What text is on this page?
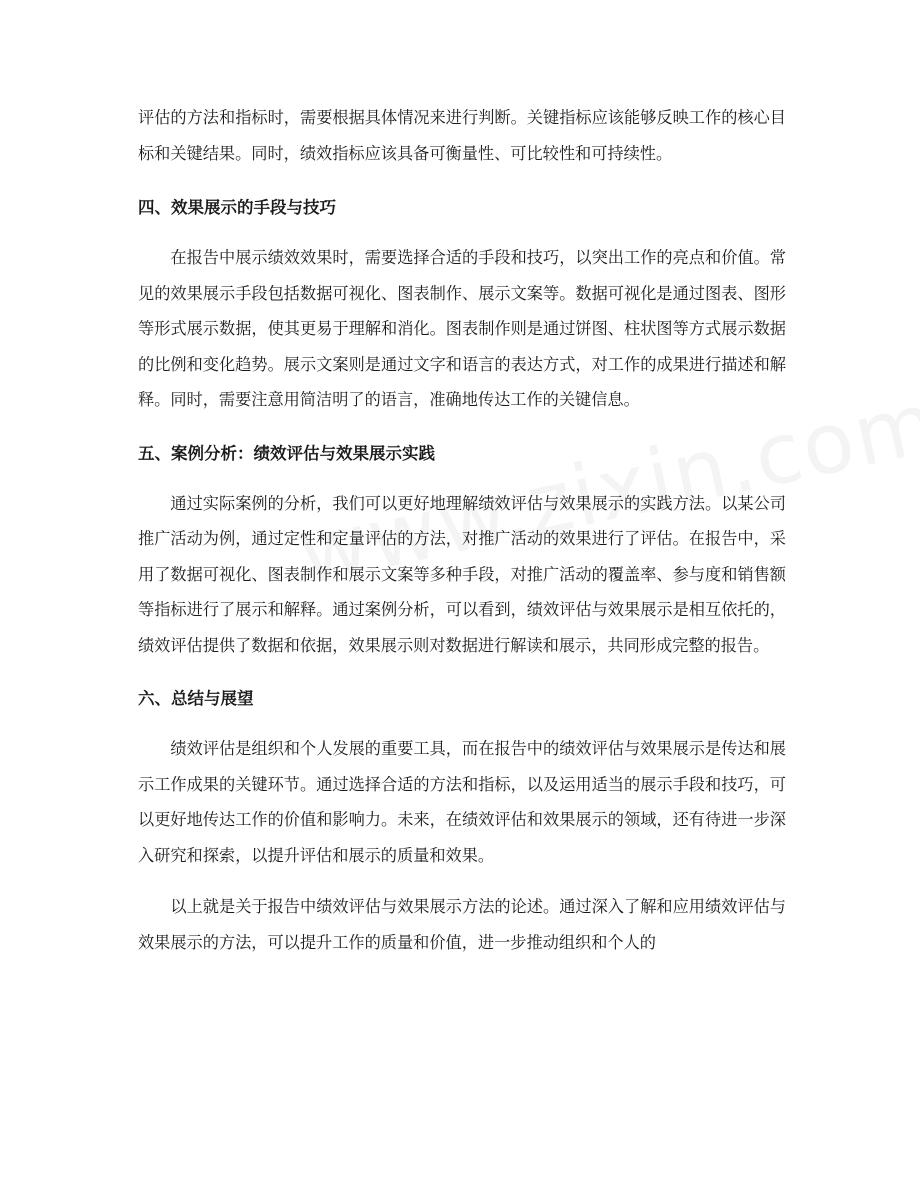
评估的方法和指标时，需要根据具体情况来进行判断。关键指标应该能够反映工作的核心目标和关键结果。同时，绩效指标应该具备可衡量性、可比较性和可持续性。

四、效果展示的手段与技巧

在报告中展示绩效效果时，需要选择合适的手段和技巧，以突出工作的亮点和价值。常见的效果展示手段包括数据可视化、图表制作、展示文案等。数据可视化是通过图表、图形等形式展示数据，使其更易于理解和消化。图表制作则是通过饼图、柱状图等方式展示数据的比例和变化趋势。展示文案则是通过文字和语言的表达方式，对工作的成果进行描述和解释。同时，需要注意用简洁明了的语言，准确地传达工作的关键信息。

五、案例分析：绩效评估与效果展示实践

通过实际案例的分析，我们可以更好地理解绩效评估与效果展示的实践方法。以某公司推广活动为例，通过定性和定量评估的方法，对推广活动的效果进行了评估。在报告中，采用了数据可视化、图表制作和展示文案等多种手段，对推广活动的覆盖率、参与度和销售额等指标进行了展示和解释。通过案例分析，可以看到，绩效评估与效果展示是相互依托的，绩效评估提供了数据和依据，效果展示则对数据进行解读和展示，共同形成完整的报告。

六、总结与展望

绩效评估是组织和个人发展的重要工具，而在报告中的绩效评估与效果展示是传达和展示工作成果的关键环节。通过选择合适的方法和指标，以及运用适当的展示手段和技巧，可以更好地传达工作的价值和影响力。未来，在绩效评估和效果展示的领域，还有待进一步深入研究和探索，以提升评估和展示的质量和效果。

以上就是关于报告中绩效评估与效果展示方法的论述。通过深入了解和应用绩效评估与效果展示的方法，可以提升工作的质量和价值，进一步推动组织和个人的
